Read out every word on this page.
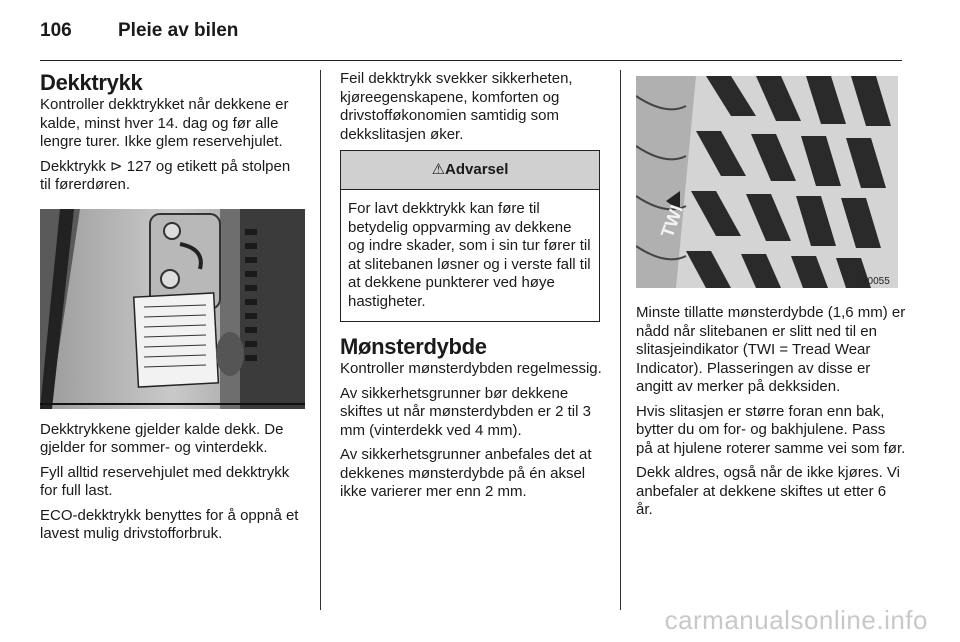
106 Pleie av bilen
Dekktrykk

Kontroller dekktrykket når dekkene er kalde, minst hver 14. dag og før alle lengre turer. Ikke glem reservehjulet.

Dekktrykk ⊳ 127 og etikett på stolpen til førerdøren.

Dekktrykkene gjelder kalde dekk. De gjelder for sommer- og vinterdekk.

Fyll alltid reservehjulet med dekktrykk for full last.

ECO-dekktrykk benyttes for å oppnå et lavest mulig drivstofforbruk.

Feil dekktrykk svekker sikkerheten, kjøreegenskapene, komforten og drivstofføkonomien samtidig som dekkslitasjen øker.

⚠Advarsel
For lavt dekktrykk kan føre til betydelig oppvarming av dekkene og indre skader, som i sin tur fører til at slitebanen løsner og i verste fall til at dekkene punkterer ved høye hastigheter.
Mønsterdybde

Kontroller mønsterdybden regelmessig.

Av sikkerhetsgrunner bør dekkene skiftes ut når mønsterdybden er 2 til 3 mm (vinterdekk ved 4 mm).

Av sikkerhetsgrunner anbefales det at dekkenes mønsterdybde på én aksel ikke varierer mer enn 2 mm.

TWI
30055

Minste tillatte mønsterdybde (1,6 mm) er nådd når slitebanen er slitt ned til en slitasjeindikator (TWI = Tread Wear Indicator). Plasseringen av disse er angitt av merker på dekksiden.

Hvis slitasjen er større foran enn bak, bytter du om for- og bakhjulene. Pass på at hjulene roterer samme vei som før.

Dekk aldres, også når de ikke kjøres. Vi anbefaler at dekkene skiftes ut etter 6 år.

carmanualsonline.info
